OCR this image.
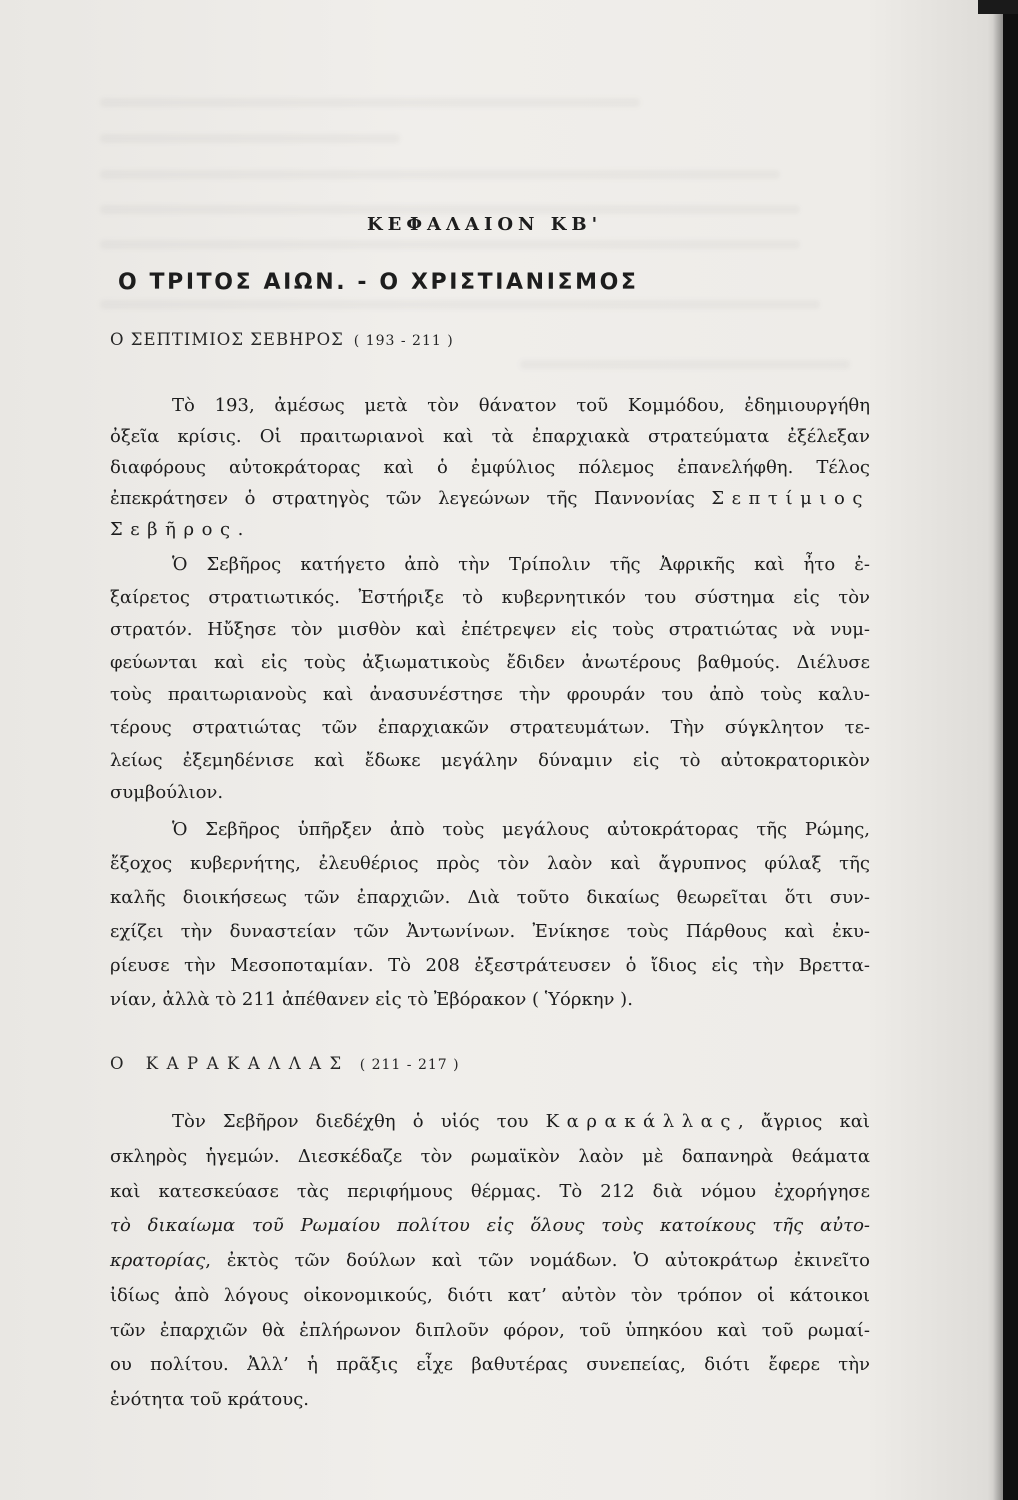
ΚΕΦΑΛΑΙΟΝ ΚΒ'
Ο ΤΡΙΤΟΣ ΑΙΩΝ. - Ο ΧΡΙΣΤΙΑΝΙΣΜΟΣ
Ο ΣΕΠΤΙΜΙΟΣ ΣΕΒΗΡΟΣ ( 193 - 211 )
Τὸ 193, ἀμέσως μετὰ τὸν θάνατον τοῦ Κομμόδου, ἐδημιουργήθη
ὀξεῖα κρίσις. Οἱ πραιτωριανοὶ καὶ τὰ ἐπαρχιακὰ στρατεύματα ἐξέλεξαν
διαφόρους αὐτοκράτορας καὶ ὁ ἐμφύλιος πόλεμος ἐπανελήφθη. Τέλος
ἐπεκράτησεν ὁ στρατηγὸς τῶν λεγεώνων τῆς Παννονίας Σεπτίμιος
Σεβῆρος.
Ὁ Σεβῆρος κατήγετο ἀπὸ τὴν Τρίπολιν τῆς Ἀφρικῆς καὶ ἦτο ἐ-
ξαίρετος στρατιωτικός. Ἐστήριξε τὸ κυβερνητικόν του σύστημα εἰς τὸν
στρατόν. Ηὔξησε τὸν μισθὸν καὶ ἐπέτρεψεν εἰς τοὺς στρατιώτας νὰ νυμ-
φεύωνται καὶ εἰς τοὺς ἀξιωματικοὺς ἔδιδεν ἀνωτέρους βαθμούς. Διέλυσε
τοὺς πραιτωριανοὺς καὶ ἀνασυνέστησε τὴν φρουράν του ἀπὸ τοὺς καλυ-
τέρους στρατιώτας τῶν ἐπαρχιακῶν στρατευμάτων. Τὴν σύγκλητον τε-
λείως ἐξεμηδένισε καὶ ἔδωκε μεγάλην δύναμιν εἰς τὸ αὐτοκρατορικὸν
συμβούλιον.
Ὁ Σεβῆρος ὑπῆρξεν ἀπὸ τοὺς μεγάλους αὐτοκράτορας τῆς Ρώμης,
ἔξοχος κυβερνήτης, ἐλευθέριος πρὸς τὸν λαὸν καὶ ἄγρυπνος φύλαξ τῆς
καλῆς διοικήσεως τῶν ἐπαρχιῶν. Διὰ τοῦτο δικαίως θεωρεῖται ὅτι συν-
εχίζει τὴν δυναστείαν τῶν Ἀντωνίνων. Ἐνίκησε τοὺς Πάρθους καὶ ἐκυ-
ρίευσε τὴν Μεσοποταμίαν. Τὸ 208 ἐξεστράτευσεν ὁ ἴδιος εἰς τὴν Βρεττα-
νίαν, ἀλλὰ τὸ 211 ἀπέθανεν εἰς τὸ Ἐβόρακον ( Ὑόρκην ).
Ο ΚΑΡΑΚΑΛΛΑΣ ( 211 - 217 )
Τὸν Σεβῆρον διεδέχθη ὁ υἱός του Καρακάλλας, ἄγριος καὶ
σκληρὸς ἡγεμών. Διεσκέδαζε τὸν ρωμαϊκὸν λαὸν μὲ δαπανηρὰ θεάματα
καὶ κατεσκεύασε τὰς περιφήμους θέρμας. Τὸ 212 διὰ νόμου ἐχορήγησε
τὸ δικαίωμα τοῦ Ρωμαίου πολίτου εἰς ὅλους τοὺς κατοίκους τῆς αὐτο-
κρατορίας, ἐκτὸς τῶν δούλων καὶ τῶν νομάδων. Ὁ αὐτοκράτωρ ἐκινεῖτο
ἰδίως ἀπὸ λόγους οἰκονομικούς, διότι κατ’ αὐτὸν τὸν τρόπον οἱ κάτοικοι
τῶν ἐπαρχιῶν θὰ ἐπλήρωνον διπλοῦν φόρον, τοῦ ὑπηκόου καὶ τοῦ ρωμαί-
ου πολίτου. Ἀλλ’ ἡ πρᾶξις εἶχε βαθυτέρας συνεπείας, διότι ἔφερε τὴν
ἑνότητα τοῦ κράτους.
